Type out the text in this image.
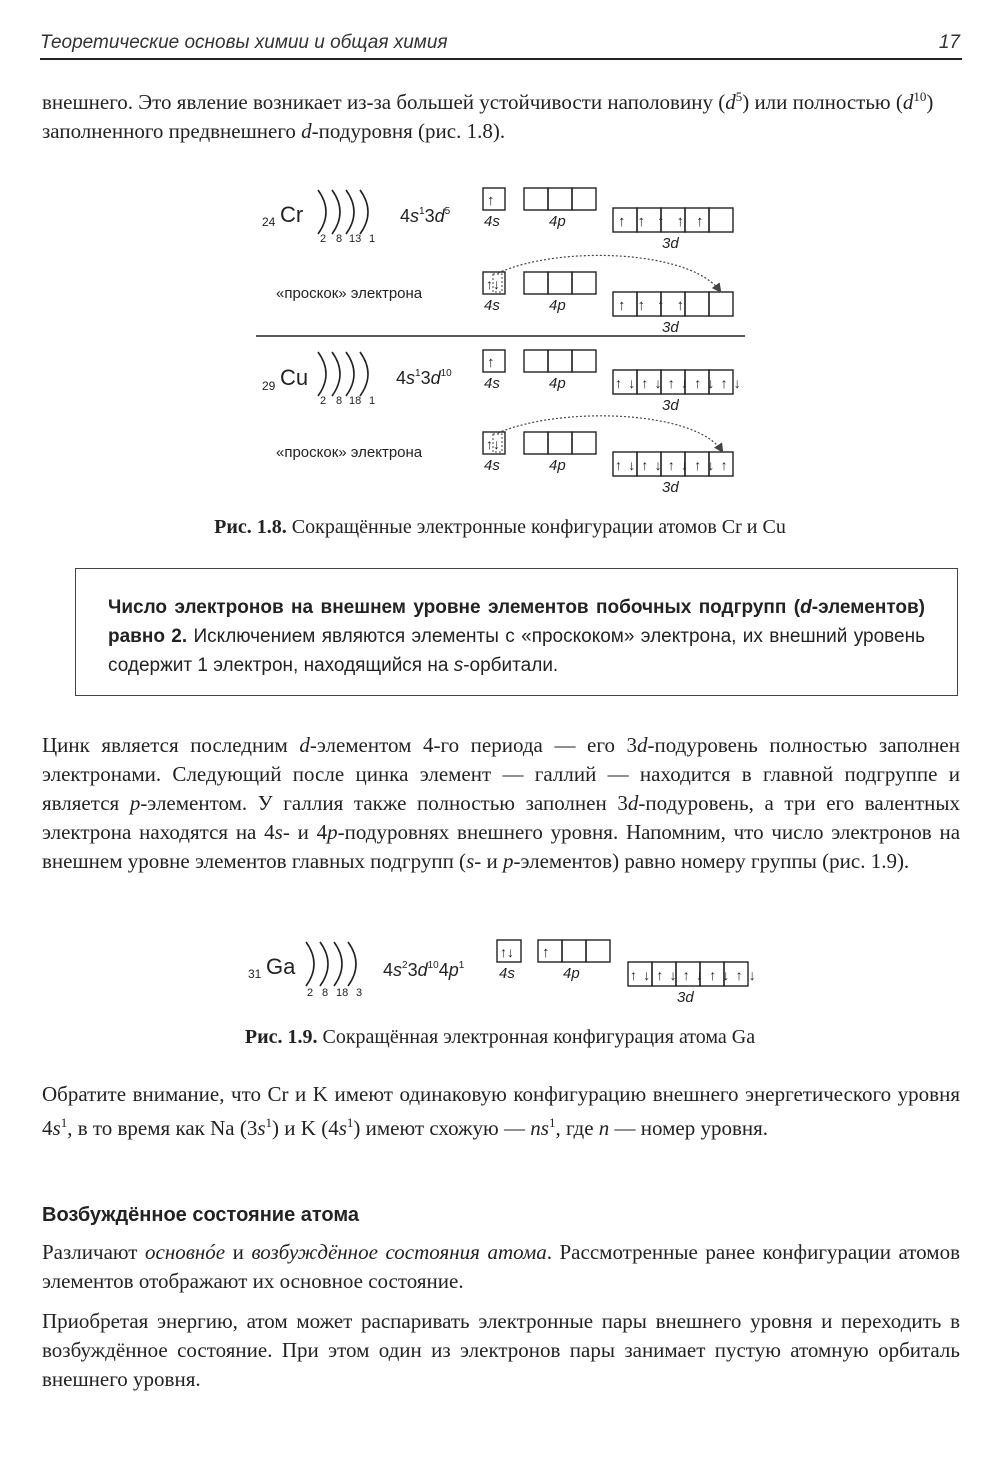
Теоретические основы химии и общая химия	17
внешнего. Это явление возникает из-за большей устойчивости наполовину $(d^5)$ или полностью $(d^{10})$ заполненного предвнешнего d-подуровня (рис. 1.8).
24 Cr
2 8 13 1
$4s^13d^5$
↑
↑↑↑↑↑
4s	4p
3d
«проскок» электрона
↑↓
↑↑↑↑
4s	4p
3d
29 Cu
2 8 18 1
$4s^13d^{10}$
↑
↑↓↑↓↑↓↑↓↑↓
4s	4p
3d
«проскок» электрона	↑↓
↑↓↑↓↑↓↑↓↑
4s	4p
3d
Рис. 1.8. Сокращённые электронные конфигурации атомов Cr и Cu
Число электронов на внешнем уровне элементов побочных подгрупп (d-элементов) равно 2. Исключением являются элементы с «проскоком» электрона, их внешний уровень содержит 1 электрон, находящийся на s-орбитали.
Цинк является последним d-элементом 4-го периода — его 3d-подуровень полностью заполнен электронами. Следующий после цинка элемент — галлий — находится в главной подгруппе и является p-элементом. У галлия также полностью заполнен 3d-подуровень, а три его валентных электрона находятся на 4s- и 4p-подуровнях внешнего уровня. Напомним, что число электронов на внешнем уровне элементов главных подгрупп (s- и p-элементов) равно номеру группы (рис. 1.9).
31 Ga
2 8 18 3
$4s^23d^{10}4p^1$
↑↓ ↑
↑↓↑↓↑↓↑↓↑↓
4s	4p
3d
Рис. 1.9. Сокращённая электронная конфигурация атома Ga
Обратите внимание, что Cr и K имеют одинаковую конфигурацию внешнего энергетического уровня $4s^1$, в то время как Na $(3s^1)$ и K $(4s^1)$ имеют схожую — $ns^1$, где n — номер уровня.
Возбуждённое состояние атома
Различают основнóе и возбуждённое состояния атома. Рассмотренные ранее конфигурации атомов элементов отображают их основное состояние.
Приобретая энергию, атом может распаривать электронные пары внешнего уровня и переходить в возбуждённое состояние. При этом один из электронов пары занимает пустую атомную орбиталь внешнего уровня.
